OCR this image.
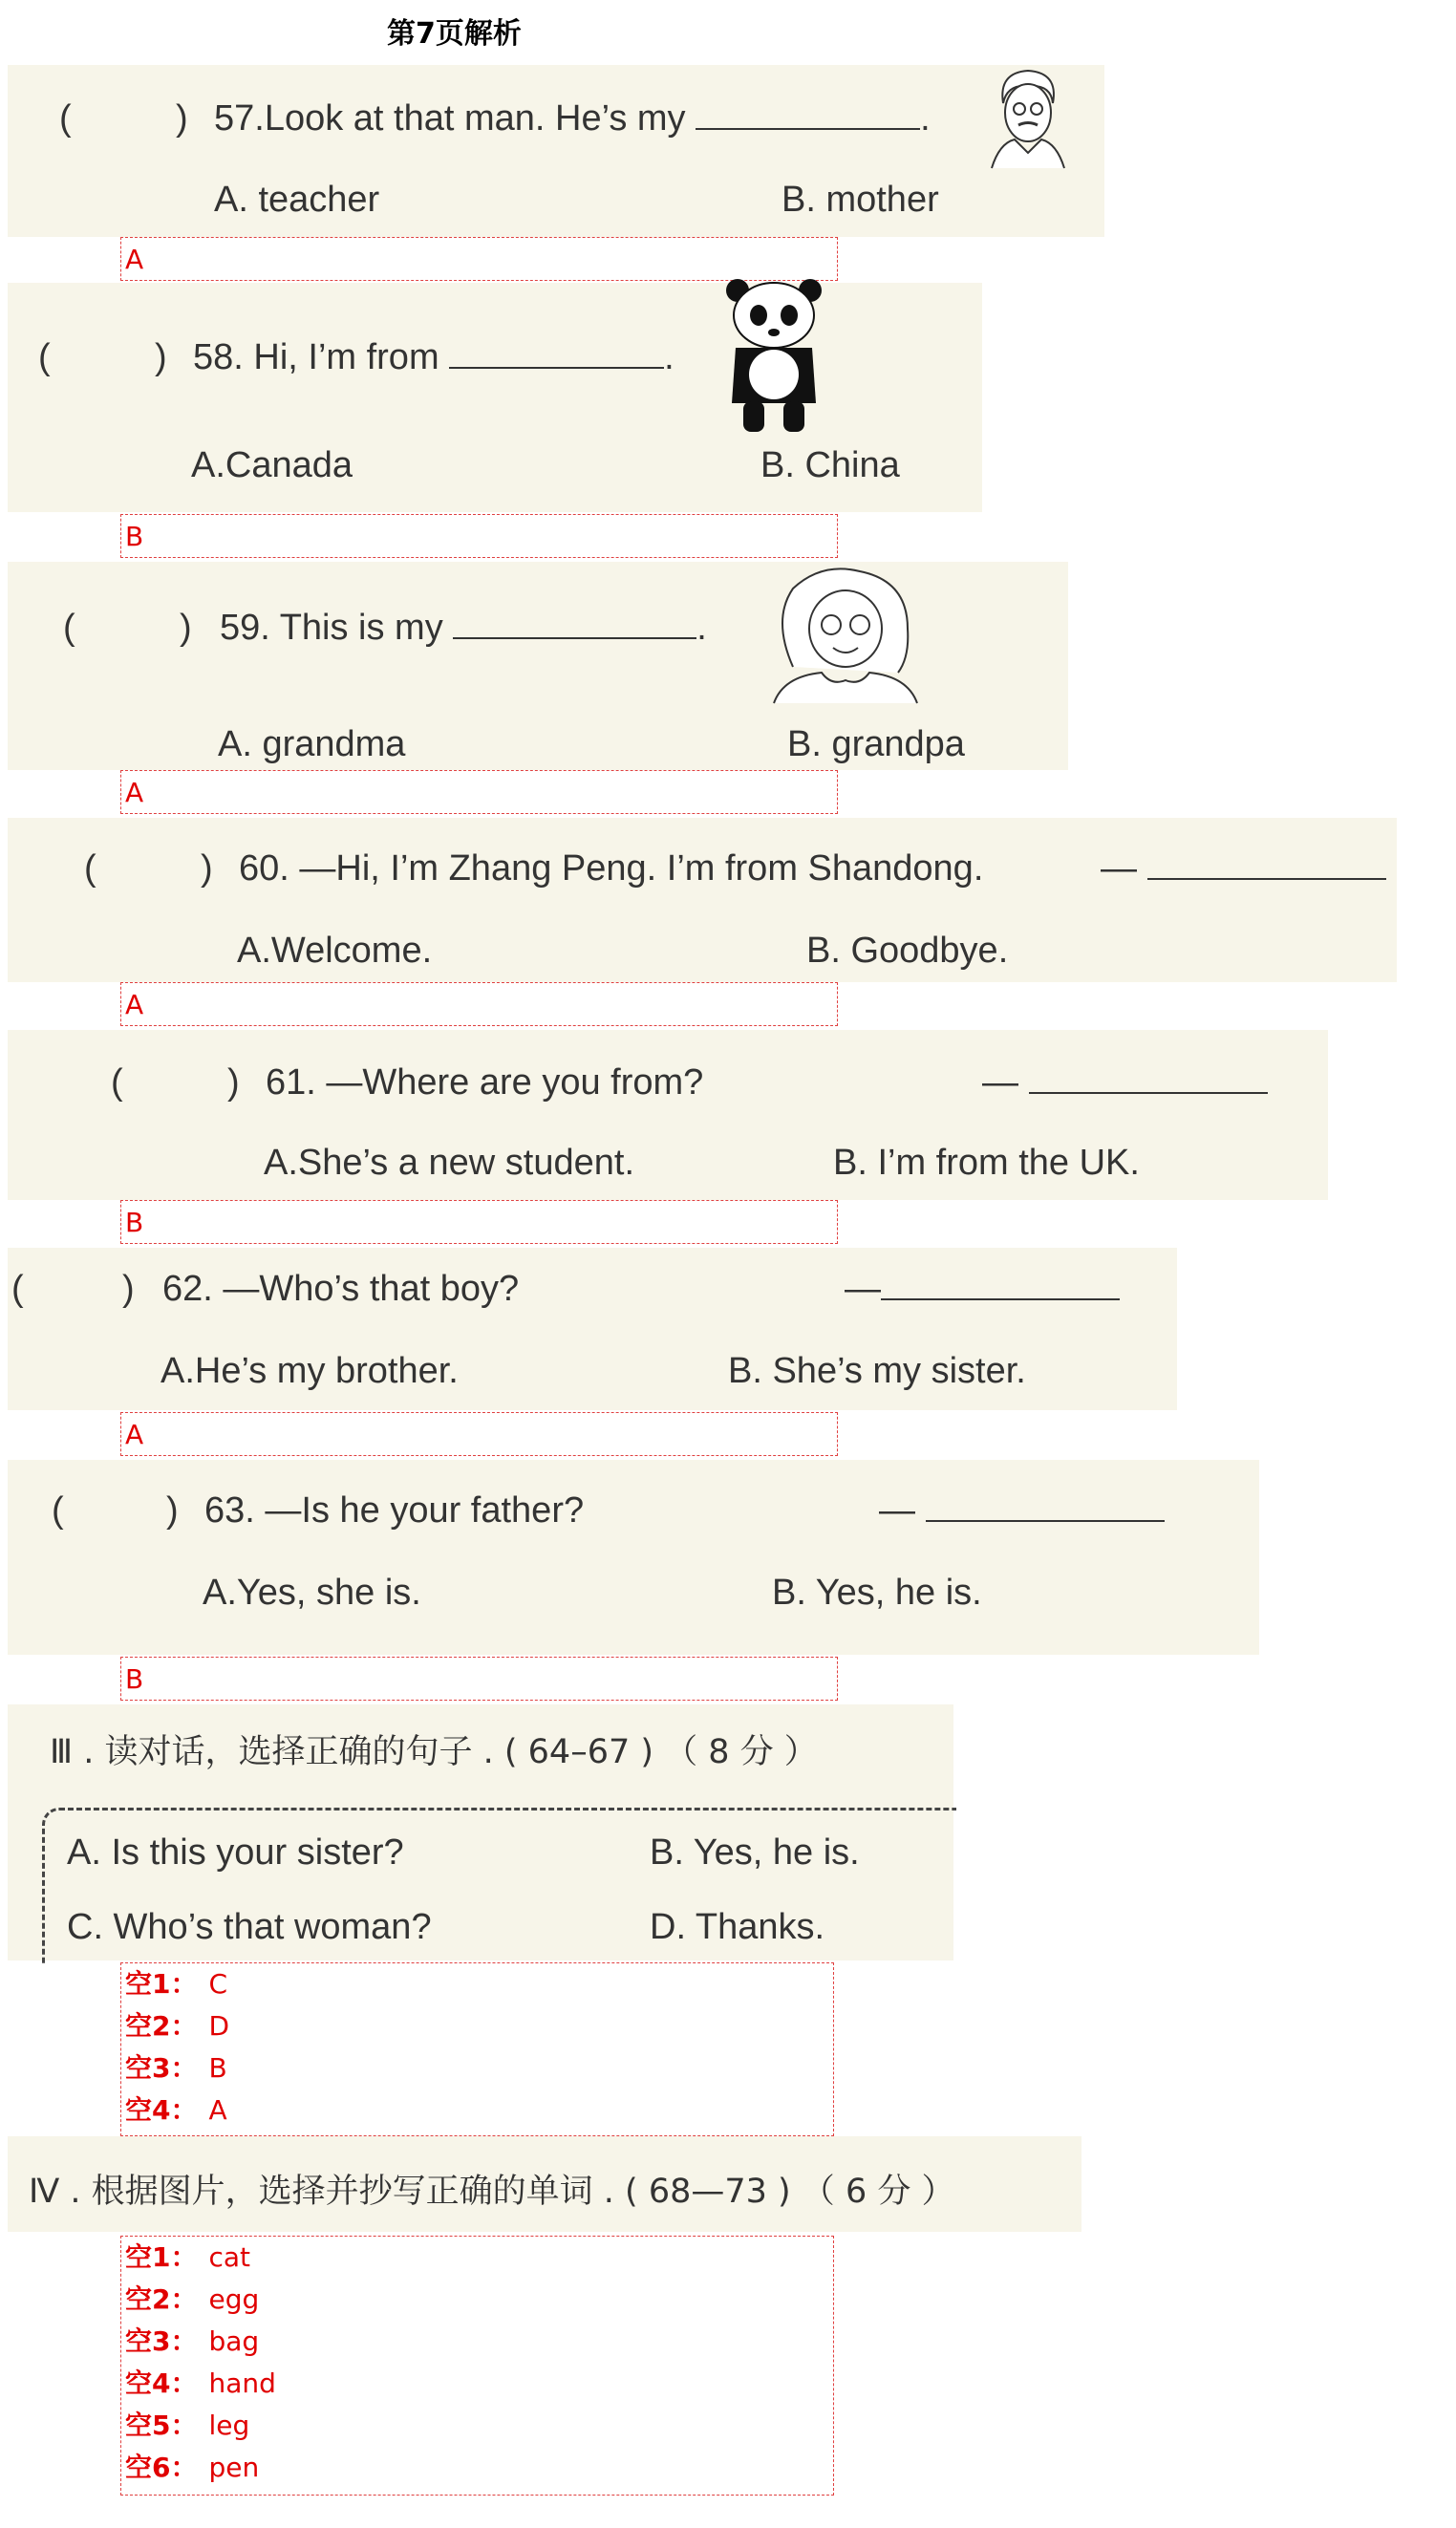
第7页解析
(	) 57.Look at that man. He’s my	.
A. teacher	B. mother
A
(	) 58. Hi, I’m from	.
A.Canada	B. China
B
(	) 59. This is my	.
A. grandma	B. grandpa
A
(	) 60. —Hi, I’m Zhang Peng. I’m from Shandong.	—
A.Welcome.	B. Goodbye.
A
(	) 61. —Where are you from?	—
A.She’s a new student.	B. I’m from the UK.
B
(	) 62. —Who’s that boy?	—
A.He’s my brother.	B. She’s my sister.
A
(	) 63. —Is he your father?	—
A.Yes, she is.	B. Yes, he is.
B
Ⅲ . 读对话，选择正确的句子 . ( 64–67 ) （ 8 分 ）
A. Is this your sister?	B. Yes, he is.
C. Who’s that woman?	D. Thanks.
空1： C
空2： D
空3： B
空4： A
Ⅳ . 根据图片，选择并抄写正确的单词 . ( 68—73 ) （ 6 分 ）
空1： cat
空2： egg
空3： bag
空4： hand
空5： leg
空6： pen
